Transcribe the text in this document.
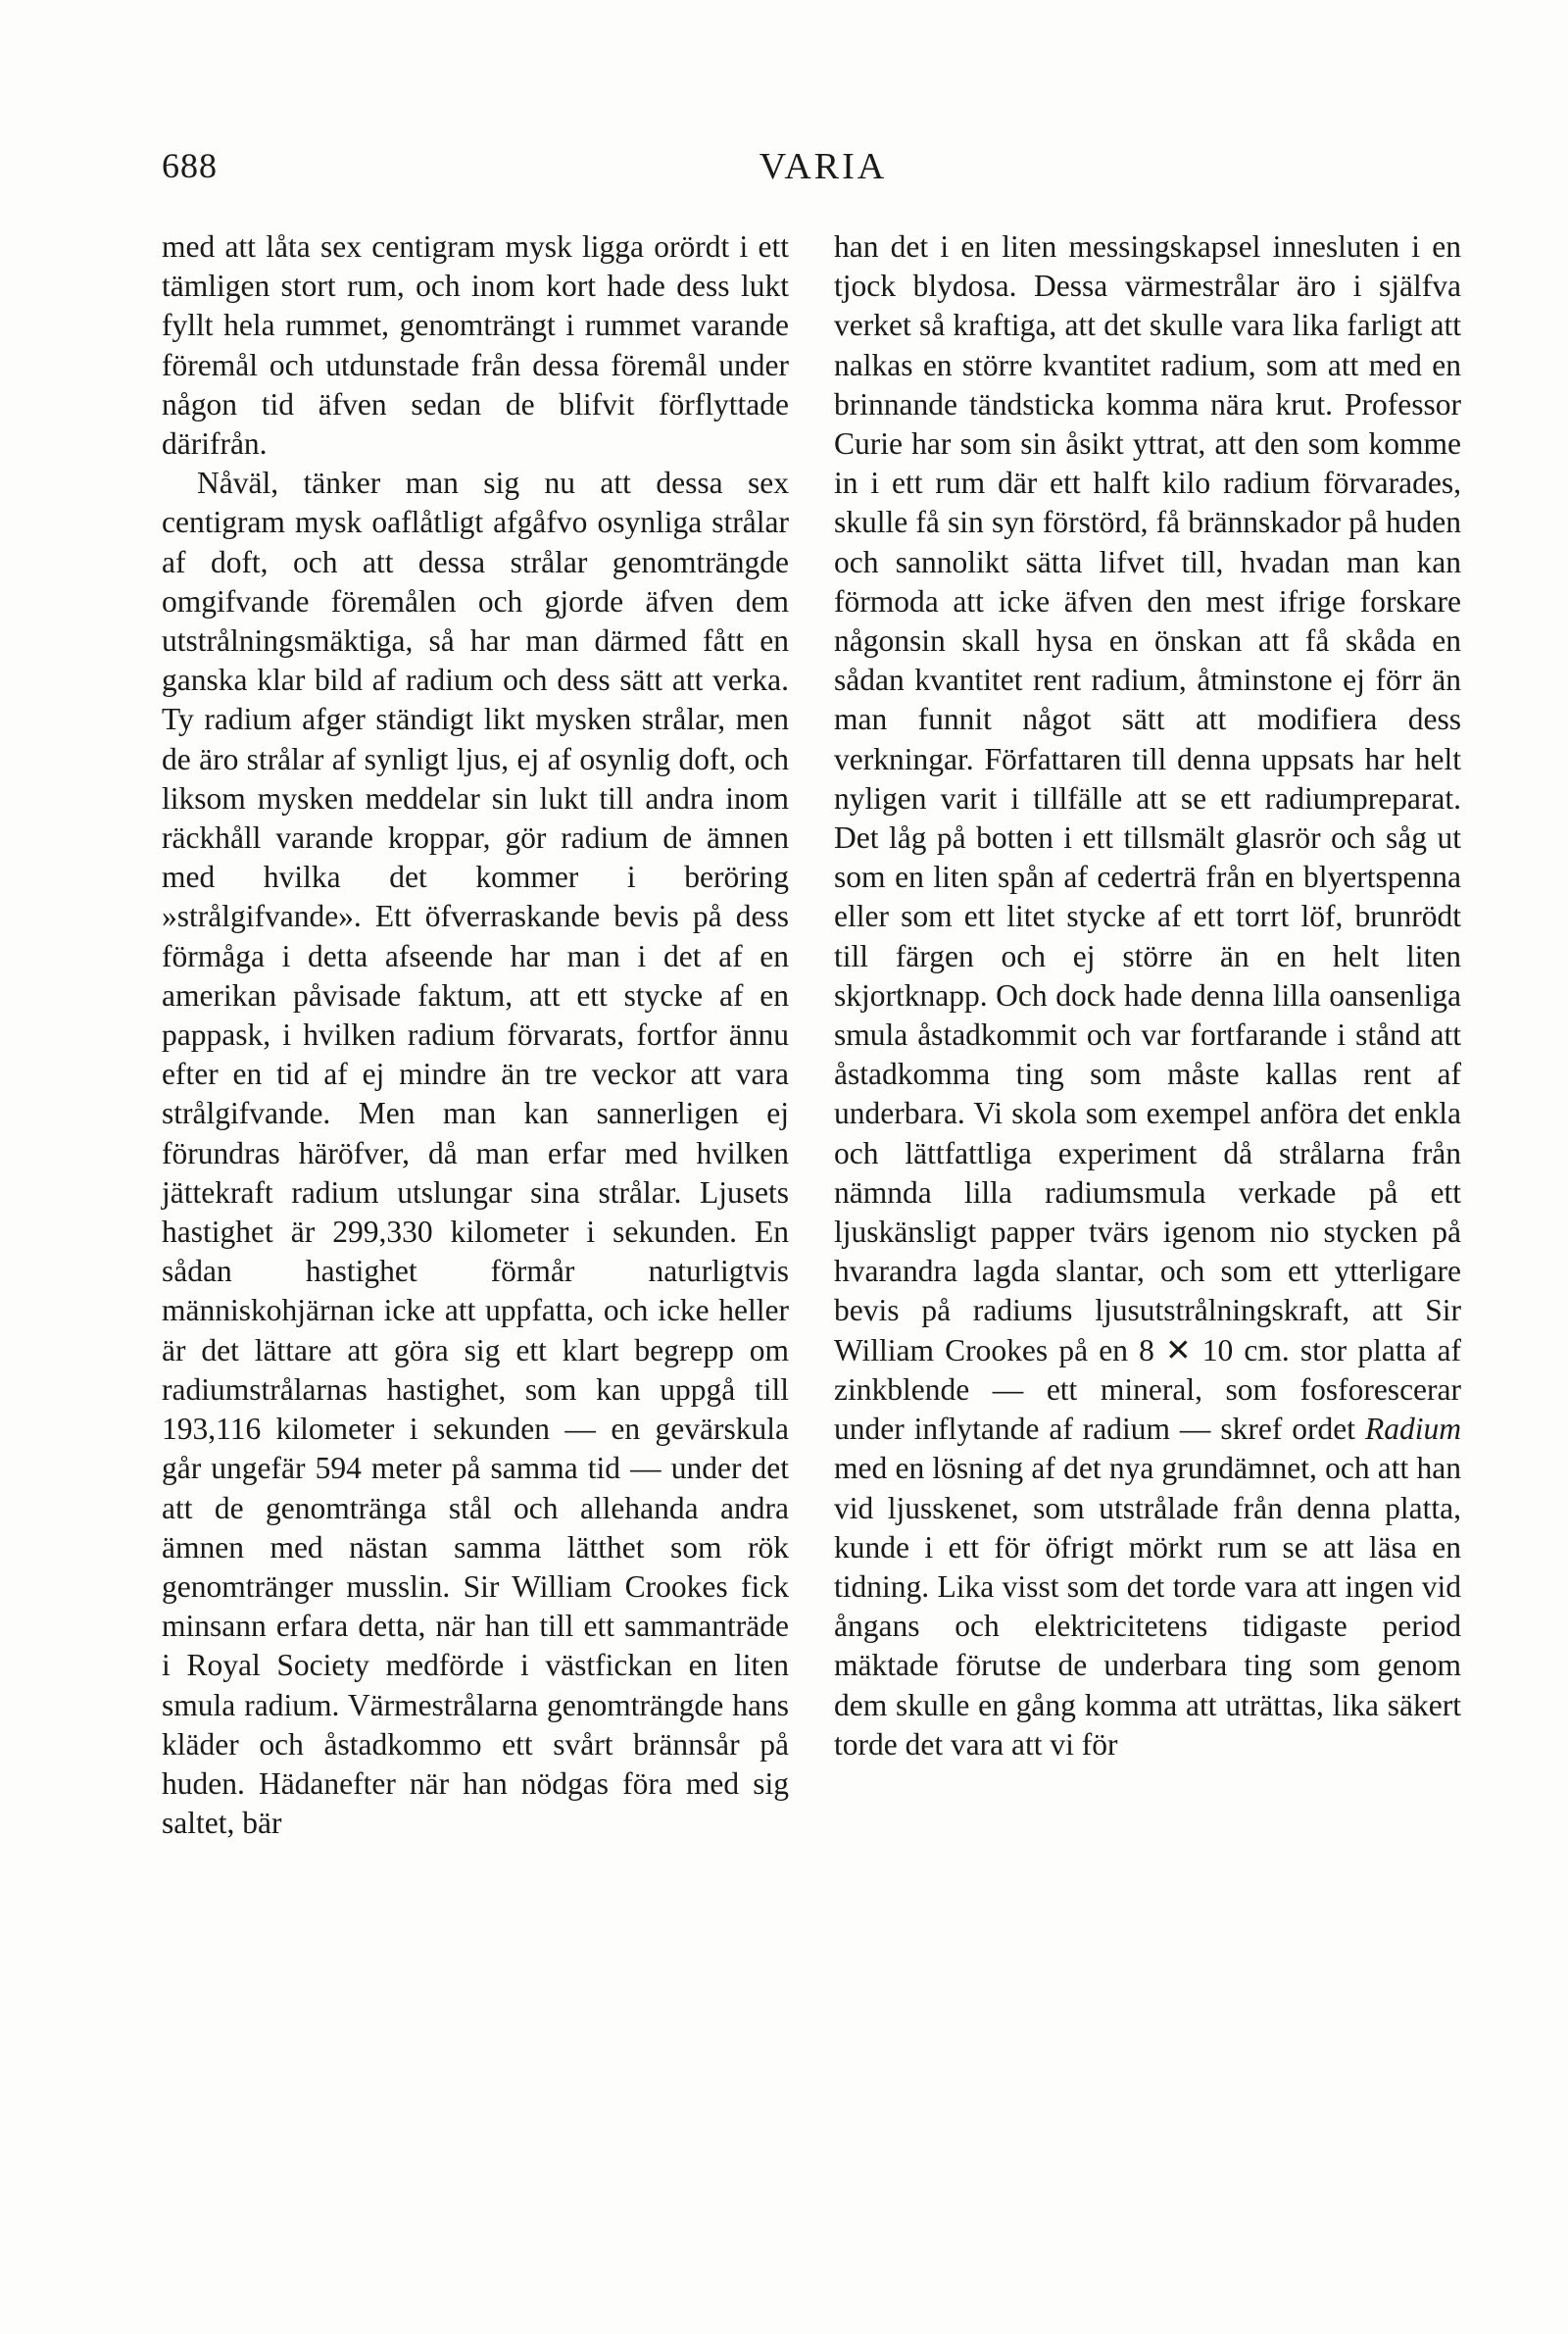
688	VARIA

med att låta sex centigram mysk ligga orördt i ett tämligen stort rum, och inom kort hade dess lukt fyllt hela rummet, genomträngt i rummet varande föremål och utdunstade från dessa föremål under någon tid äfven sedan de blifvit förflyttade därifrån.

Nåväl, tänker man sig nu att dessa sex centigram mysk oaflåtligt afgåfvo osynliga strålar af doft, och att dessa strålar genomträngde omgifvande föremålen och gjorde äfven dem utstrålningsmäktiga, så har man därmed fått en ganska klar bild af radium och dess sätt att verka. Ty radium afger ständigt likt mysken strålar, men de äro strålar af synligt ljus, ej af osynlig doft, och liksom mysken meddelar sin lukt till andra inom räckhåll varande kroppar, gör radium de ämnen med hvilka det kommer i beröring »strålgifvande». Ett öfverraskande bevis på dess förmåga i detta afseende har man i det af en amerikan påvisade faktum, att ett stycke af en pappask, i hvilken radium förvarats, fortfor ännu efter en tid af ej mindre än tre veckor att vara strålgifvande. Men man kan sannerligen ej förundras häröfver, då man erfar med hvilken jättekraft radium utslungar sina strålar. Ljusets hastighet är 299,330 kilometer i sekunden. En sådan hastighet förmår naturligtvis människohjärnan icke att uppfatta, och icke heller är det lättare att göra sig ett klart begrepp om radiumstrålarnas hastighet, som kan uppgå till 193,116 kilometer i sekunden — en gevärskula går ungefär 594 meter på samma tid — under det att de genomtränga stål och allehanda andra ämnen med nästan samma lätthet som rök genomtränger musslin. Sir William Crookes fick minsann erfara detta, när han till ett sammanträde i Royal Society medförde i västfickan en liten smula radium. Värmestrålarna genomträngde hans kläder och åstadkommo ett svårt brännsår på huden. Hädanefter när han nödgas föra med sig saltet, bär

han det i en liten messingskapsel innesluten i en tjock blydosa. Dessa värmestrålar äro i själfva verket så kraftiga, att det skulle vara lika farligt att nalkas en större kvantitet radium, som att med en brinnande tändsticka komma nära krut. Professor Curie har som sin åsikt yttrat, att den som komme in i ett rum där ett halft kilo radium förvarades, skulle få sin syn förstörd, få brännskador på huden och sannolikt sätta lifvet till, hvadan man kan förmoda att icke äfven den mest ifrige forskare någonsin skall hysa en önskan att få skåda en sådan kvantitet rent radium, åtminstone ej förr än man funnit något sätt att modifiera dess verkningar. Författaren till denna uppsats har helt nyligen varit i tillfälle att se ett radiumpreparat. Det låg på botten i ett tillsmält glasrör och såg ut som en liten spån af cederträ från en blyertspenna eller som ett litet stycke af ett torrt löf, brunrödt till färgen och ej större än en helt liten skjortknapp. Och dock hade denna lilla oansenliga smula åstadkommit och var fortfarande i stånd att åstadkomma ting som måste kallas rent af underbara. Vi skola som exempel anföra det enkla och lättfattliga experiment då strålarna från nämnda lilla radiumsmula verkade på ett ljuskänsligt papper tvärs igenom nio stycken på hvarandra lagda slantar, och som ett ytterligare bevis på radiums ljusutstrålningskraft, att Sir William Crookes på en 8 ✕ 10 cm. stor platta af zinkblende — ett mineral, som fosforescerar under inflytande af radium — skref ordet Radium med en lösning af det nya grundämnet, och att han vid ljusskenet, som utstrålade från denna platta, kunde i ett för öfrigt mörkt rum se att läsa en tidning. Lika visst som det torde vara att ingen vid ångans och elektricitetens tidigaste period mäktade förutse de underbara ting som genom dem skulle en gång komma att uträttas, lika säkert torde det vara att vi för
